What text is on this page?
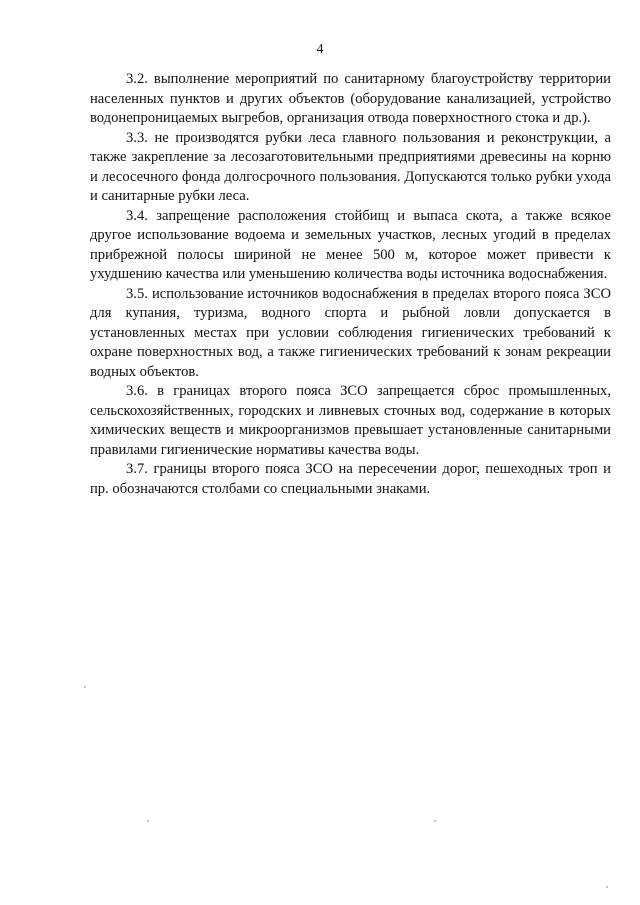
4

3.2. выполнение мероприятий по санитарному благоустройству территории населенных пунктов и других объектов (оборудование канализацией, устройство водонепроницаемых выгребов, организация отвода поверхностного стока и др.).

3.3. не производятся рубки леса главного пользования и реконструкции, а также закрепление за лесозаготовительными предприятиями древесины на корню и лесосечного фонда долгосрочного пользования. Допускаются только рубки ухода и санитарные рубки леса.

3.4. запрещение расположения стойбищ и выпаса скота, а также всякое другое использование водоема и земельных участков, лесных угодий в пределах прибрежной полосы шириной не менее 500 м, которое может привести к ухудшению качества или уменьшению количества воды источника водоснабжения.

3.5. использование источников водоснабжения в пределах второго пояса ЗСО для купания, туризма, водного спорта и рыбной ловли допускается в установленных местах при условии соблюдения гигиенических требований к охране поверхностных вод, а также гигиенических требований к зонам рекреации водных объектов.

3.6. в границах второго пояса ЗСО запрещается сброс промышленных, сельскохозяйственных, городских и ливневых сточных вод, содержание в которых химических веществ и микроорганизмов превышает установленные санитарными правилами гигиенические нормативы качества воды.

3.7. границы второго пояса ЗСО на пересечении дорог, пешеходных троп и пр. обозначаются столбами со специальными знаками.
